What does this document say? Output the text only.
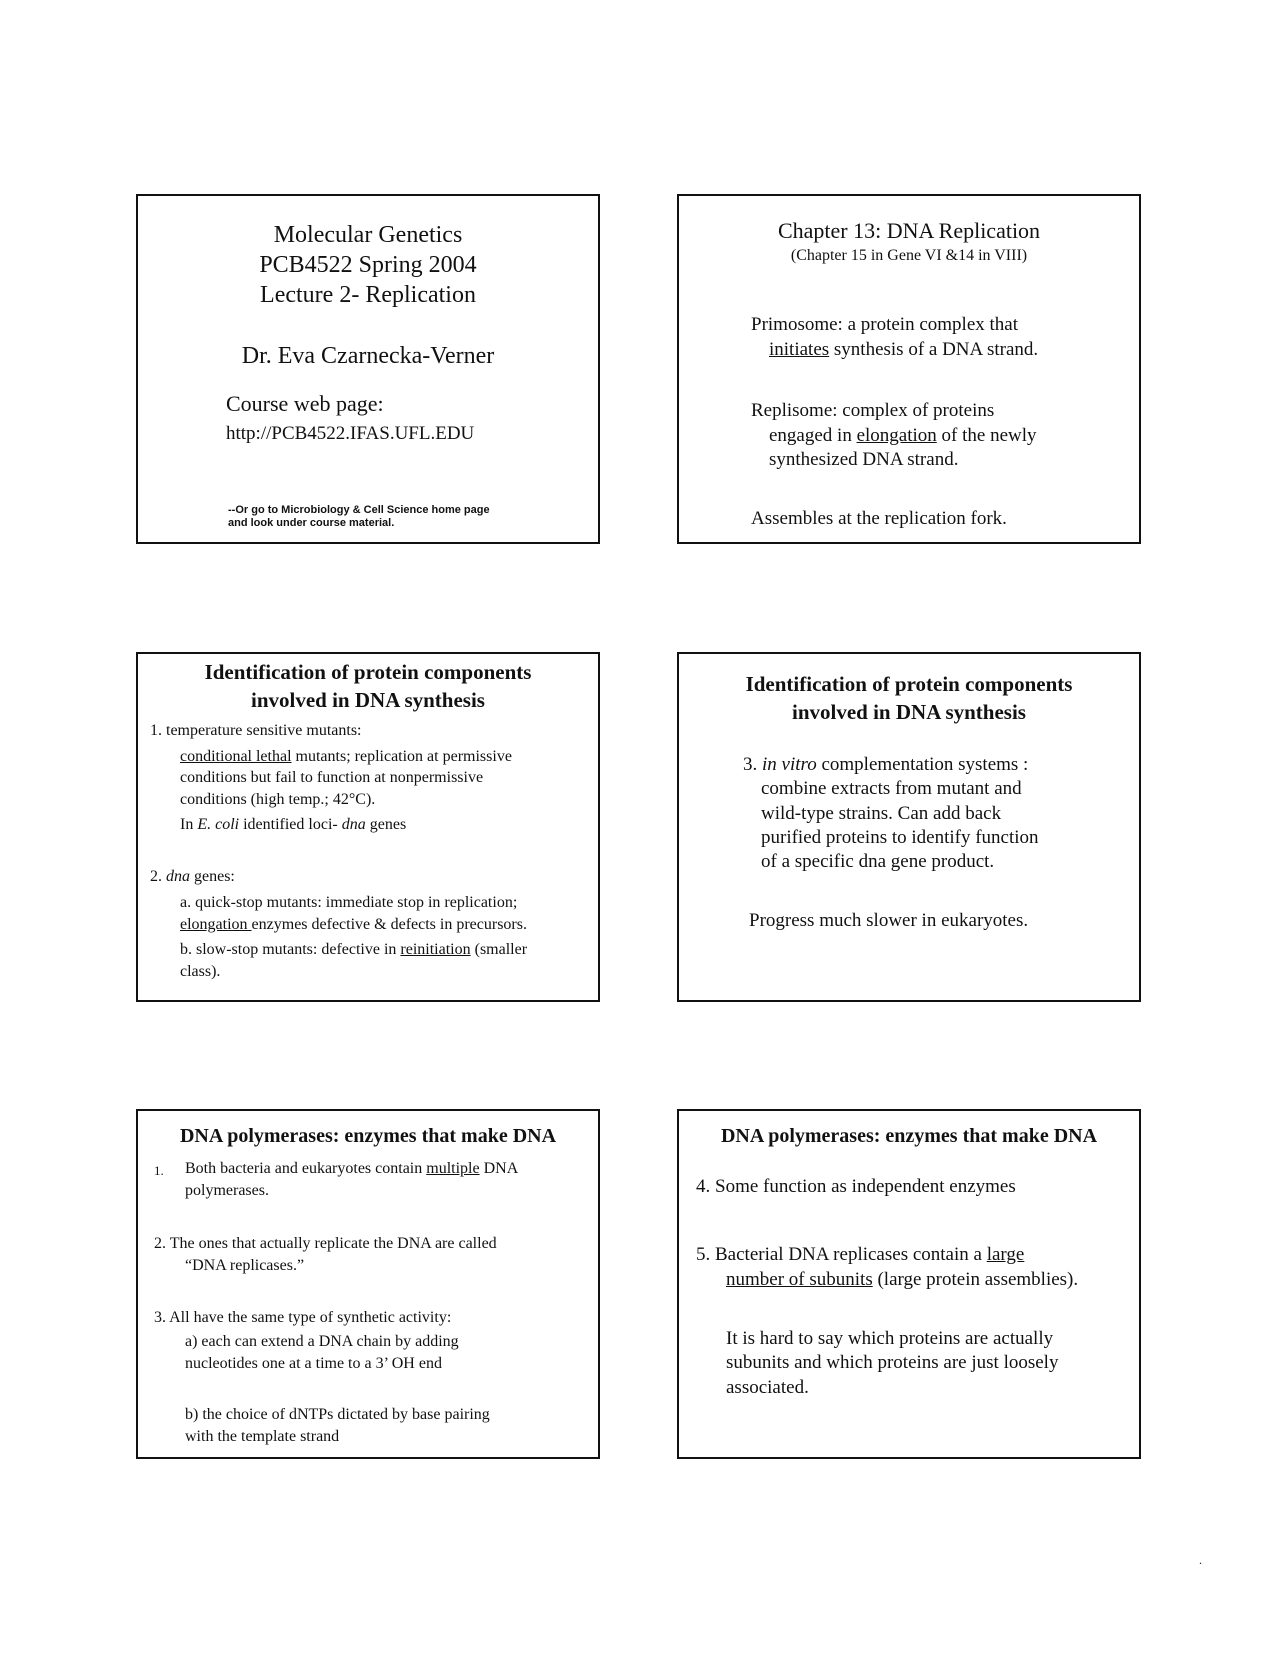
Molecular Genetics
PCB4522 Spring 2004
Lecture 2- Replication
Dr. Eva Czarnecka-Verner
Course web page:
http://PCB4522.IFAS.UFL.EDU
--Or go to Microbiology & Cell Science home page
and look under course material.
Chapter 13: DNA Replication
(Chapter 15 in Gene VI &14 in VIII)
Primosome: a protein complex that
initiates synthesis of a DNA strand.
Replisome: complex of proteins
engaged in elongation of the newly
synthesized DNA strand.
Assembles at the replication fork.
Identification of protein components
involved in DNA synthesis
1. temperature sensitive mutants:
conditional lethal mutants; replication at permissive
conditions but fail to function at nonpermissive
conditions (high temp.; 42°C).
In E. coli identified loci- dna genes
2. dna genes:
a. quick-stop mutants: immediate stop in replication;
elongation enzymes defective & defects in precursors.
b. slow-stop mutants: defective in reinitiation (smaller
class).
Identification of protein components
involved in DNA synthesis
3. in vitro complementation systems :
combine extracts from mutant and
wild-type strains. Can add back
purified proteins to identify function
of a specific dna gene product.
Progress much slower in eukaryotes.
DNA polymerases: enzymes that make DNA
1. Both bacteria and eukaryotes contain multiple DNA
polymerases.
2. The ones that actually replicate the DNA are called
“DNA replicases.”
3. All have the same type of synthetic activity:
a) each can extend a DNA chain by adding
nucleotides one at a time to a 3’ OH end
b) the choice of dNTPs dictated by base pairing
with the template strand
DNA polymerases: enzymes that make DNA
4. Some function as independent enzymes
5. Bacterial DNA replicases contain a large
number of subunits (large protein assemblies).
It is hard to say which proteins are actually
subunits and which proteins are just loosely
associated.
.
